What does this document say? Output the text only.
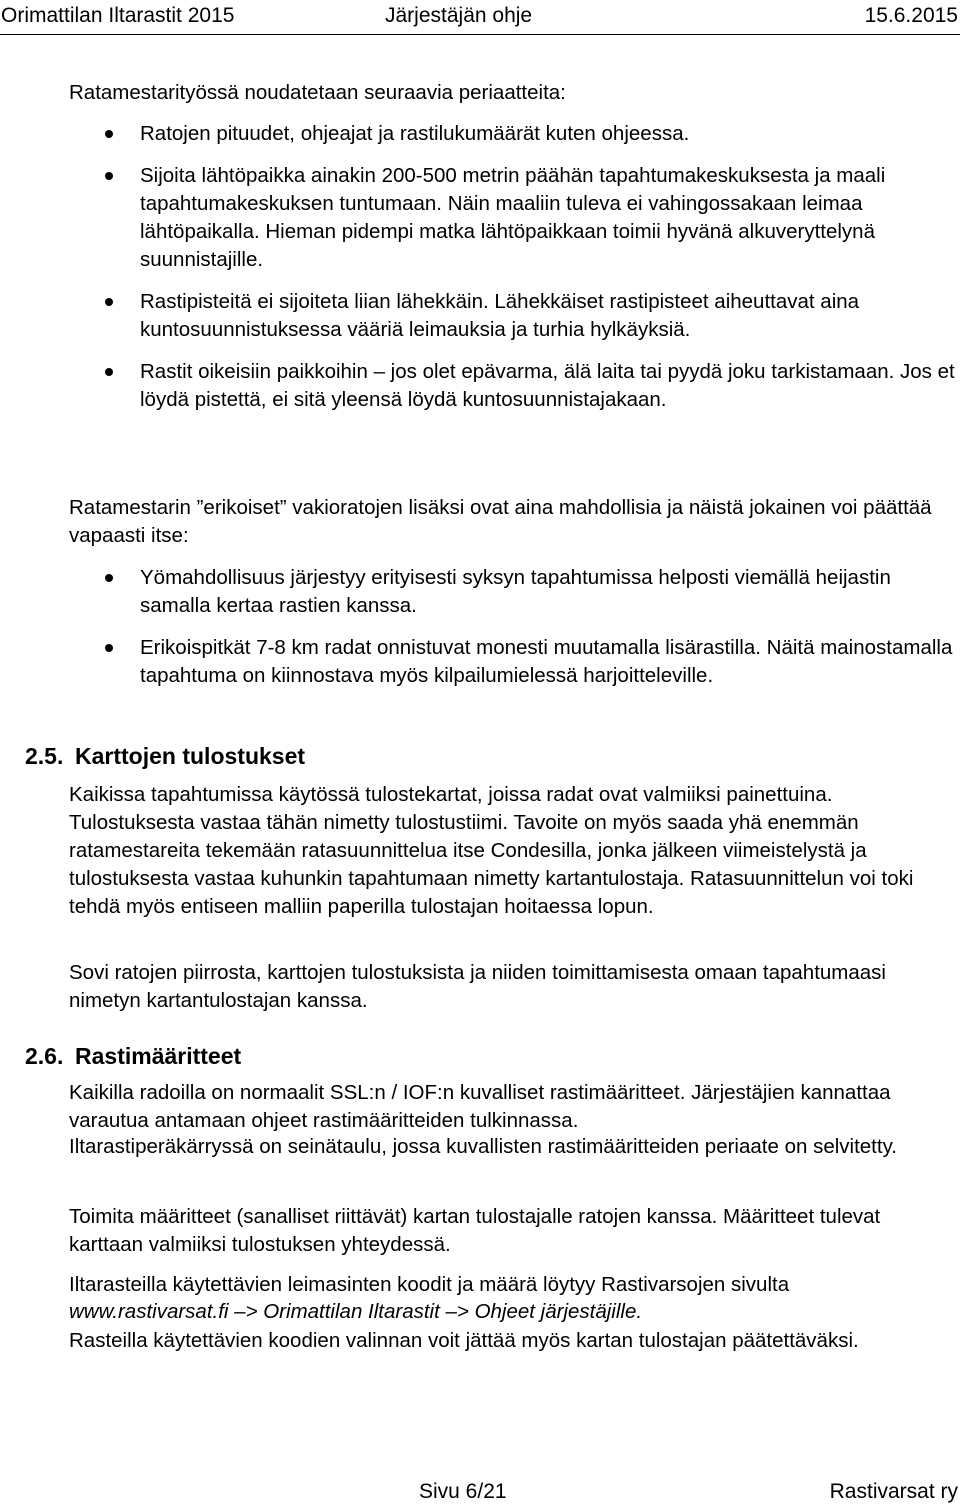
Orimattilan Iltarastit 2015	Järjestäjän ohje	15.6.2015

Ratamestarityössä noudatetaan seuraavia periaatteita:

Ratojen pituudet, ohjeajat ja rastilukumäärät kuten ohjeessa.

Sijoita lähtöpaikka ainakin 200-500 metrin päähän tapahtumakeskuksesta ja maali tapahtumakeskuksen tuntumaan. Näin maaliin tuleva ei vahingossakaan leimaa lähtöpaikalla. Hieman pidempi matka lähtöpaikkaan toimii hyvänä alkuveryttelynä suunnistajille.

Rastipisteitä ei sijoiteta liian lähekkäin. Lähekkäiset rastipisteet aiheuttavat aina kuntosuunnistuksessa vääriä leimauksia ja turhia hylkäyksiä.

Rastit oikeisiin paikkoihin – jos olet epävarma, älä laita tai pyydä joku tarkistamaan. Jos et löydä pistettä, ei sitä yleensä löydä kuntosuunnistajakaan.

Ratamestarin ”erikoiset” vakioratojen lisäksi ovat aina mahdollisia ja näistä jokainen voi päättää vapaasti itse:

Yömahdollisuus järjestyy erityisesti syksyn tapahtumissa helposti viemällä heijastin samalla kertaa rastien kanssa.

Erikoispitkät 7-8 km radat onnistuvat monesti muutamalla lisärastilla. Näitä mainostamalla tapahtuma on kiinnostava myös kilpailumielessä harjoitteleville.

2.5. Karttojen tulostukset

Kaikissa tapahtumissa käytössä tulostekartat, joissa radat ovat valmiiksi painettuina. Tulostuksesta vastaa tähän nimetty tulostustiimi. Tavoite on myös saada yhä enemmän ratamestareita tekemään ratasuunnittelua itse Condesilla, jonka jälkeen viimeistelystä ja tulostuksesta vastaa kuhunkin tapahtumaan nimetty kartantulostaja. Ratasuunnittelun voi toki tehdä myös entiseen malliin paperilla tulostajan hoitaessa lopun.

Sovi ratojen piirrosta, karttojen tulostuksista ja niiden toimittamisesta omaan tapahtumaasi nimetyn kartantulostajan kanssa.

2.6. Rastimääritteet

Kaikilla radoilla on normaalit SSL:n / IOF:n kuvalliset rastimääritteet. Järjestäjien kannattaa varautua antamaan ohjeet rastimääritteiden tulkinnassa.

Iltarastiperäkärryssä on seinätaulu, jossa kuvallisten rastimääritteiden periaate on selvitetty.

Toimita määritteet (sanalliset riittävät) kartan tulostajalle ratojen kanssa. Määritteet tulevat karttaan valmiiksi tulostuksen yhteydessä.

Iltarasteilla käytettävien leimasinten koodit ja määrä löytyy Rastivarsojen sivulta

www.rastivarsat.fi –> Orimattilan Iltarastit –> Ohjeet järjestäjille.

Rasteilla käytettävien koodien valinnan voit jättää myös kartan tulostajan päätettäväksi.

Sivu 6/21	Rastivarsat ry
